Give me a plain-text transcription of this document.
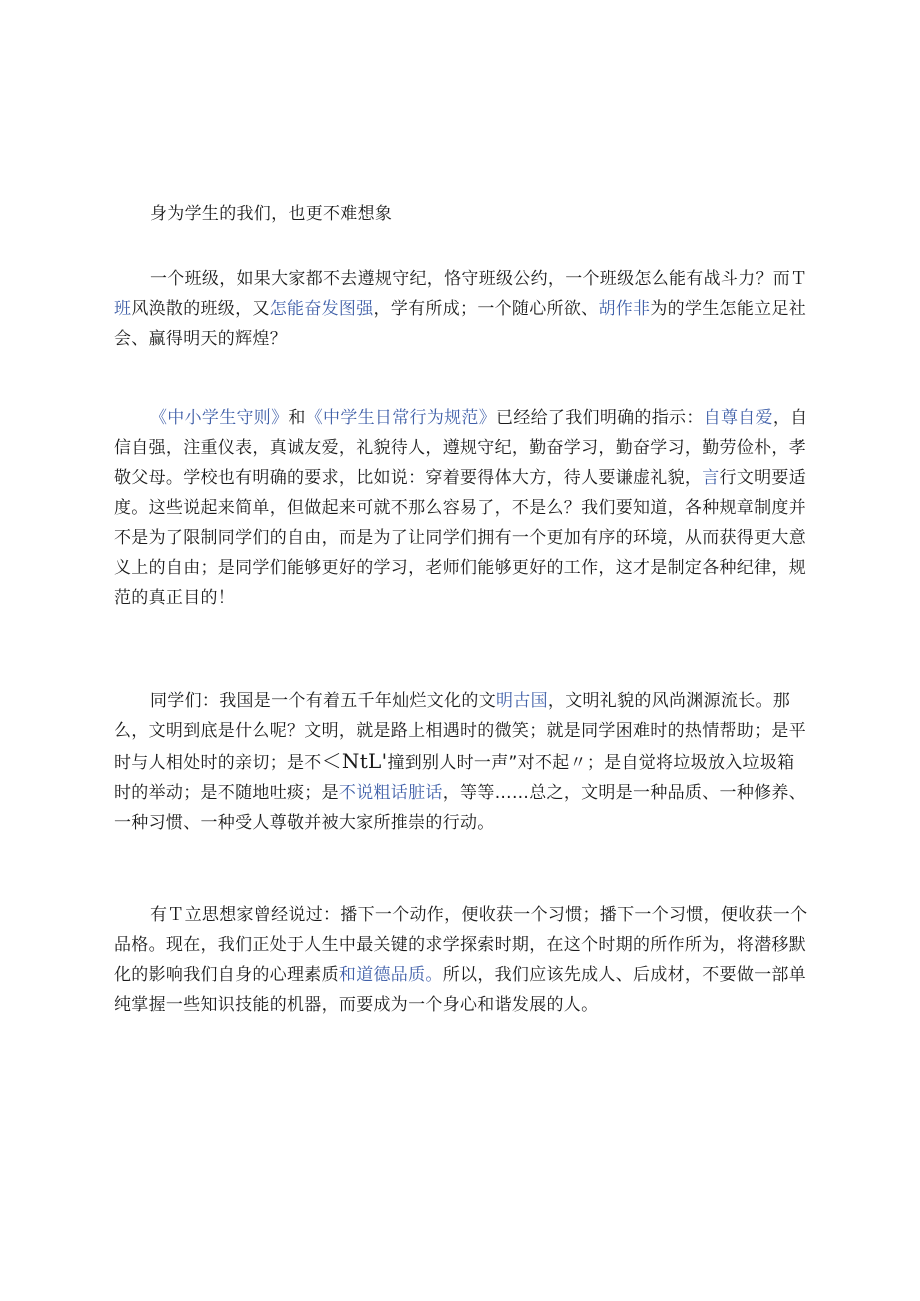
身为学生的我们，也更不难想象

一个班级，如果大家都不去遵规守纪，恪守班级公约，一个班级怎么能有战斗力？而Ｔ班风涣散的班级，又怎能奋发图强，学有所成；一个随心所欲、胡作非为的学生怎能立足社会、赢得明天的辉煌？

《中小学生守则》和《中学生日常行为规范》已经给了我们明确的指示：自尊自爱，自信自强，注重仪表，真诚友爱，礼貌待人，遵规守纪，勤奋学习，勤奋学习，勤劳俭朴，孝敬父母。学校也有明确的要求，比如说：穿着要得体大方，待人要谦虚礼貌，言行文明要适度。这些说起来简单，但做起来可就不那么容易了，不是么？我们要知道，各种规章制度并不是为了限制同学们的自由，而是为了让同学们拥有一个更加有序的环境，从而获得更大意义上的自由；是同学们能够更好的学习，老师们能够更好的工作，这才是制定各种纪律，规范的真正目的！

同学们：我国是一个有着五千年灿烂文化的文明古国，文明礼貌的风尚渊源流长。那么，文明到底是什么呢？文明，就是路上相遇时的微笑；就是同学困难时的热情帮助；是平时与人相处时的亲切；是不＜NtL'撞到别人时一声”对不起〃；是自觉将垃圾放入垃圾箱时的举动；是不随地吐痰；是不说粗话脏话，等等……总之，文明是一种品质、一种修养、一种习惯、一种受人尊敬并被大家所推崇的行动。

有Ｔ立思想家曾经说过：播下一个动作，便收获一个习惯；播下一个习惯，便收获一个品格。现在，我们正处于人生中最关键的求学探索时期，在这个时期的所作所为，将潜移默化的影响我们自身的心理素质和道德品质。所以，我们应该先成人、后成材，不要做一部单纯掌握一些知识技能的机器，而要成为一个身心和谐发展的人。
